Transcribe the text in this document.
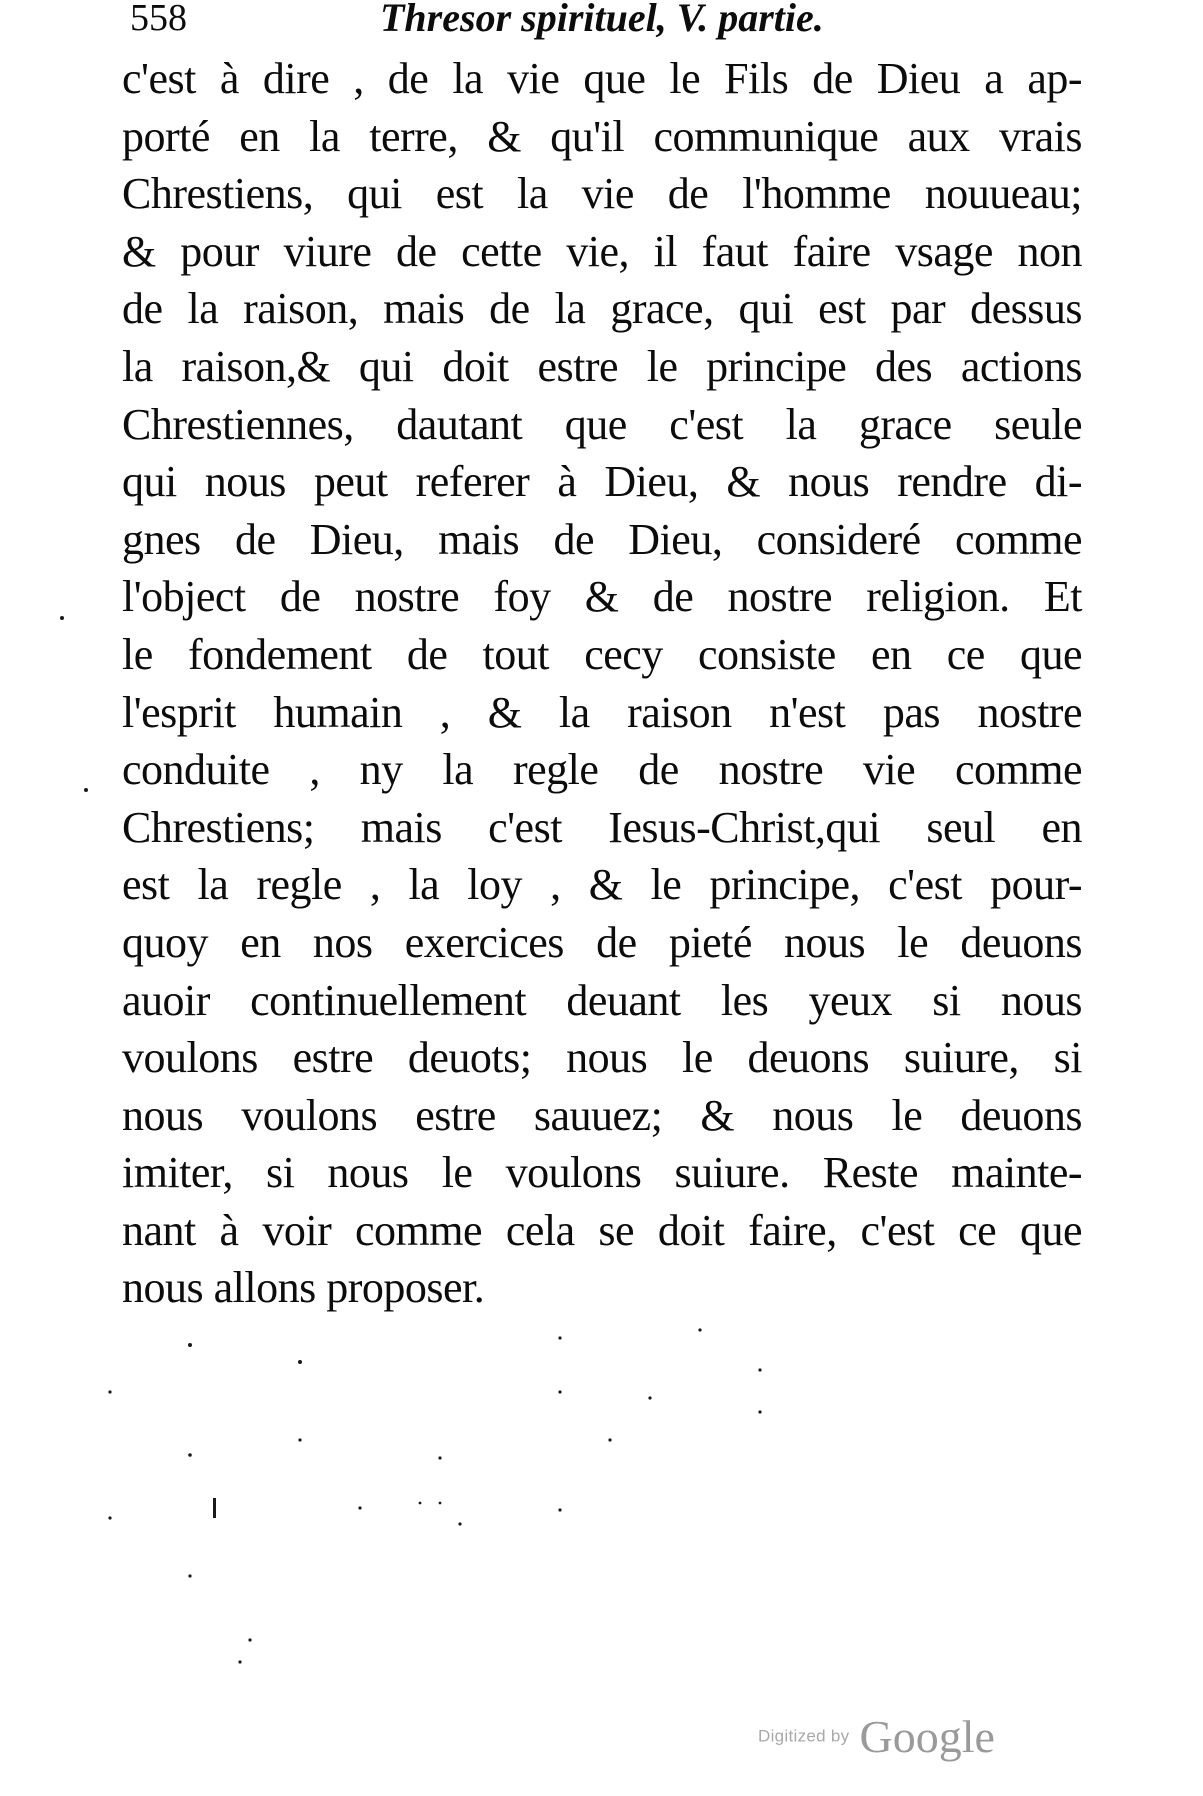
558	Thresor spirituel, V. partie.
c'est à dire , de la vie que le Fils de Dieu a ap-
porté en la terre, & qu'il communique aux vrais
Chrestiens, qui est la vie de l'homme nouueau;
& pour viure de cette vie, il faut faire vsage non
de la raison, mais de la grace, qui est par dessus
la raison,& qui doit estre le principe des actions
Chrestiennes, dautant que c'est la grace seule
qui nous peut referer à Dieu, & nous rendre di-
gnes de Dieu, mais de Dieu, consideré comme
l'object de nostre foy & de nostre religion. Et
le fondement de tout cecy consiste en ce que
l'esprit humain , & la raison n'est pas nostre
conduite , ny la regle de nostre vie comme
Chrestiens; mais c'est Iesus-Christ,qui seul en
est la regle , la loy , & le principe, c'est pour-
quoy en nos exercices de pieté nous le deuons
auoir continuellement deuant les yeux si nous
voulons estre deuots; nous le deuons suiure, si
nous voulons estre sauuez; & nous le deuons
imiter, si nous le voulons suiure. Reste mainte-
nant à voir comme cela se doit faire, c'est ce que
nous allons proposer.
Digitized by Google
